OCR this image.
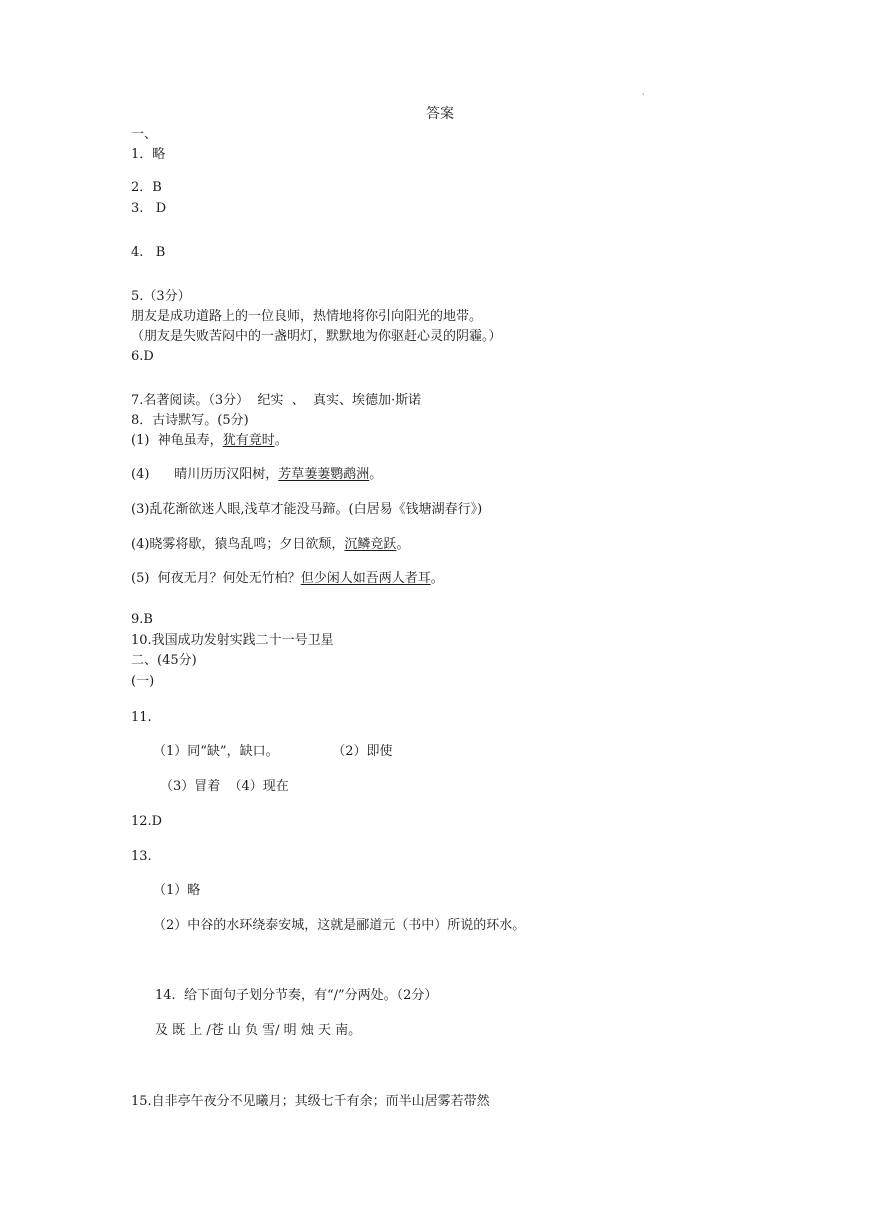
·
答案
一、
1．略
2．B
3.   D
4.   B
5.（3分）
朋友是成功道路上的一位良师，热情地将你引向阳光的地带。
（朋友是失败苦闷中的一盏明灯，默默地为你驱赶心灵的阴霾。）
6.D
7.名著阅读。（3分）  纪实  、  真实、埃德加·斯诺
8．古诗默写。(5分)
(1)  神龟虽寿，犹有竟时。
(4)      晴川历历汉阳树，芳草萋萋鹦鹉洲。
(3)乱花渐欲迷人眼,浅草才能没马蹄。(白居易《钱塘湖春行》)
(4)晓雾将歇，猿鸟乱鸣；夕日欲颓，沉鳞竞跃。
(5)  何夜无月？何处无竹柏？但少闲人如吾两人者耳。
9.B
10.我国成功发射实践二十一号卫星
二、(45分)
(一)
11.
（1）同“缺”，缺口。             （2）即使
（3）冒着  （4）现在
12.D
13.
（1）略
（2）中谷的水环绕泰安城，这就是郦道元（书中）所说的环水。
14.  给下面句子划分节奏，有“/”分两处。（2分）
及 既 上 /苍 山 负 雪/ 明 烛 天 南。
15.自非亭午夜分不见曦月；其级七千有余；而半山居雾若带然
